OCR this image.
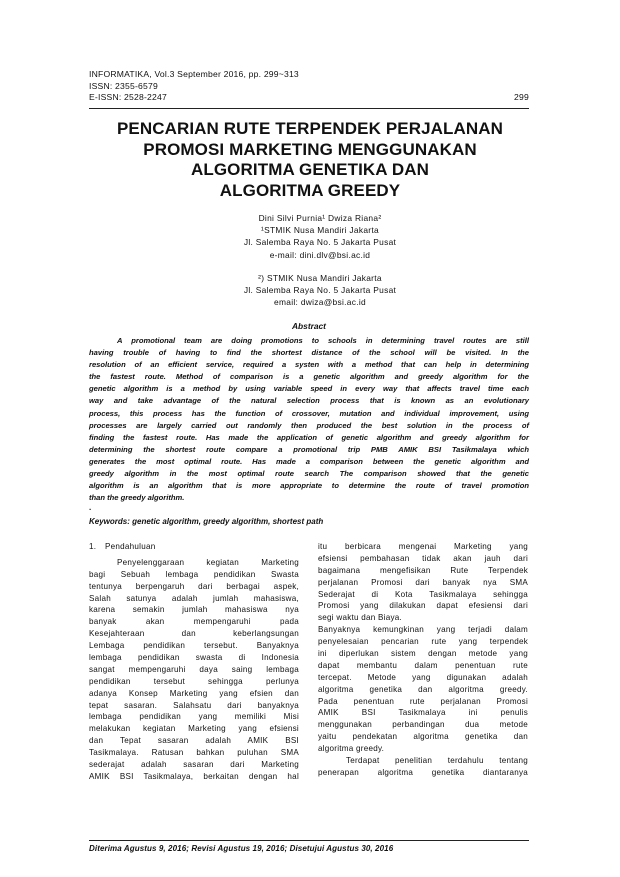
INFORMATIKA, Vol.3 September 2016, pp. 299~313
ISSN: 2355-6579
E-ISSN: 2528-2247	299
PENCARIAN RUTE TERPENDEK PERJALANAN
PROMOSI MARKETING MENGGUNAKAN
ALGORITMA GENETIKA DAN
ALGORITMA GREEDY
Dini Silvi Purnia¹ Dwiza Riana²
¹STMIK Nusa Mandiri Jakarta
Jl. Salemba Raya No. 5 Jakarta Pusat
e-mail: dini.dlv@bsi.ac.id
²) STMIK Nusa Mandiri Jakarta
Jl. Salemba Raya No. 5 Jakarta Pusat
email: dwiza@bsi.ac.id
Abstract
A promotional team are doing promotions to schools in determining travel routes are still
having trouble of having to find the shortest distance of the school will be visited. In the
resolution of an efficient service, required a systen with a method that can help in determining
the fastest route. Method of comparison is a genetic algorithm and greedy algorithm for the
genetic algorithm is a method by using variable speed in every way that affects travel time each
way and take advantage of the natural selection process that is known as an evolutionary
process, this process has the function of crossover, mutation and individual improvement, using
processes are largely carried out randomly then produced the best solution in the process of
finding the fastest route. Has made the application of genetic algorithm and greedy algorithm for
determining the shortest route compare a promotional trip PMB AMIK BSI Tasikmalaya which
generates the most optimal route. Has made a comparison between the genetic algorithm and
greedy algorithm in the most optimal route search The comparison showed that the genetic
algorithm is an algorithm that is more appropriate to determine the route of travel promotion
than the greedy algorithm.
.
Keywords: genetic algorithm, greedy algorithm, shortest path
1. Pendahuluan
Penyelenggaraan kegiatan Marketing
bagi Sebuah lembaga pendidikan Swasta
tentunya berpengaruh dari berbagai aspek,
Salah satunya adalah jumlah mahasiswa,
karena semakin jumlah mahasiswa nya
banyak akan mempengaruhi pada
Kesejahteraan dan keberlangsungan
Lembaga pendidikan tersebut. Banyaknya
lembaga pendidikan swasta di Indonesia
sangat mempengaruhi daya saing lembaga
pendidikan tersebut sehingga perlunya
adanya Konsep Marketing yang efsien dan
tepat sasaran. Salahsatu dari banyaknya
lembaga pendidikan yang memiliki Misi
melakukan kegiatan Marketing yang efsiensi
dan Tepat sasaran adalah AMIK BSI
Tasikmalaya. Ratusan bahkan puluhan SMA
sederajat adalah sasaran dari Marketing
AMIK BSI Tasikmalaya, berkaitan dengan hal
itu berbicara mengenai Marketing yang
efsiensi pembahasan tidak akan jauh dari
bagaimana mengefisikan Rute Terpendek
perjalanan Promosi dari banyak nya SMA
Sederajat di Kota Tasikmalaya sehingga
Promosi yang dilakukan dapat efesiensi dari
segi waktu dan Biaya.
Banyaknya kemungkinan yang terjadi dalam
penyelesaian pencarian rute yang terpendek
ini diperlukan sistem dengan metode yang
dapat membantu dalam penentuan rute
tercepat. Metode yang digunakan adalah
algoritma genetika dan algoritma greedy.
Pada penentuan rute perjalanan Promosi
AMIK BSI Tasikmalaya ini penulis
menggunakan perbandingan dua metode
yaitu pendekatan algoritma genetika dan
algoritma greedy.
Terdapat penelitian terdahulu tentang
penerapan algoritma genetika diantaranya
Diterima Agustus 9, 2016; Revisi Agustus 19, 2016; Disetujui Agustus 30, 2016
